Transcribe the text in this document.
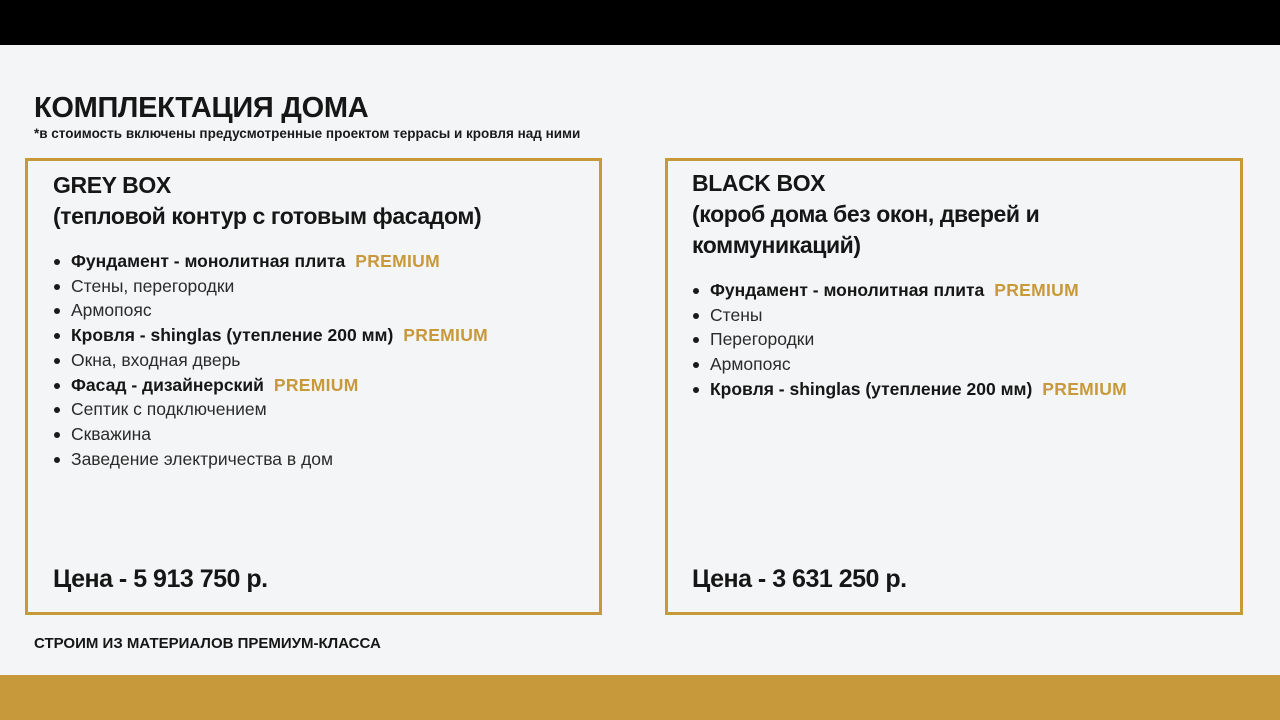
КОМПЛЕКТАЦИЯ ДОМА
*в стоимость включены предусмотренные проектом террасы и кровля над ними
GREY BOX
(тепловой контур с готовым фасадом)
Фундамент - монолитная плита PREMIUM
Стены, перегородки
Армопояс
Кровля - shinglas (утепление 200 мм) PREMIUM
Окна, входная дверь
Фасад - дизайнерский PREMIUM
Септик с подключением
Скважина
Заведение электричества в дом
Цена - 5 913 750 р.
BLACK BOX
(короб дома без окон, дверей и
коммуникаций)
Фундамент - монолитная плита PREMIUM
Стены
Перегородки
Армопояс
Кровля - shinglas (утепление 200 мм) PREMIUM
Цена - 3 631 250 р.
СТРОИМ ИЗ МАТЕРИАЛОВ ПРЕМИУМ-КЛАССА
